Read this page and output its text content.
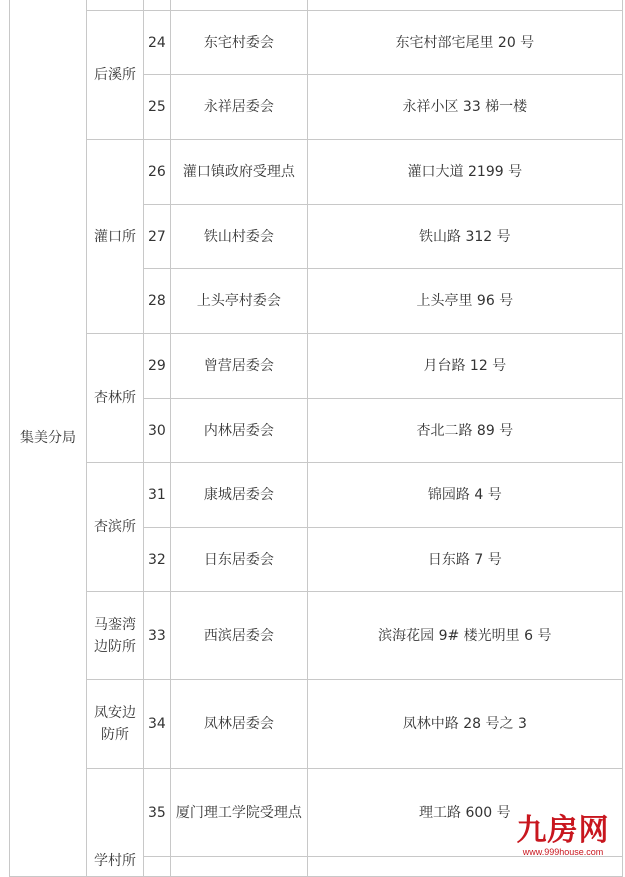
集美分局				
	后溪所	24	东宅村委会	东宅村部宅尾里 20 号
		25	永祥居委会	永祥小区 33 梯一楼
	灌口所	26	灌口镇政府受理点	灌口大道 2199 号
		27	铁山村委会	铁山路 312 号
		28	上头亭村委会	上头亭里 96 号
	杏林所	29	曾营居委会	月台路 12 号
		30	内林居委会	杏北二路 89 号
	杏滨所	31	康城居委会	锦园路 4 号
		32	日东居委会	日东路 7 号
	马銮湾边防所	33	西滨居委会	滨海花园 9# 楼光明里 6 号
	凤安边防所	34	凤林居委会	凤林中路 28 号之 3
	学村所	35	厦门理工学院受理点	理工路 600 号

九房网
www.999house.com
